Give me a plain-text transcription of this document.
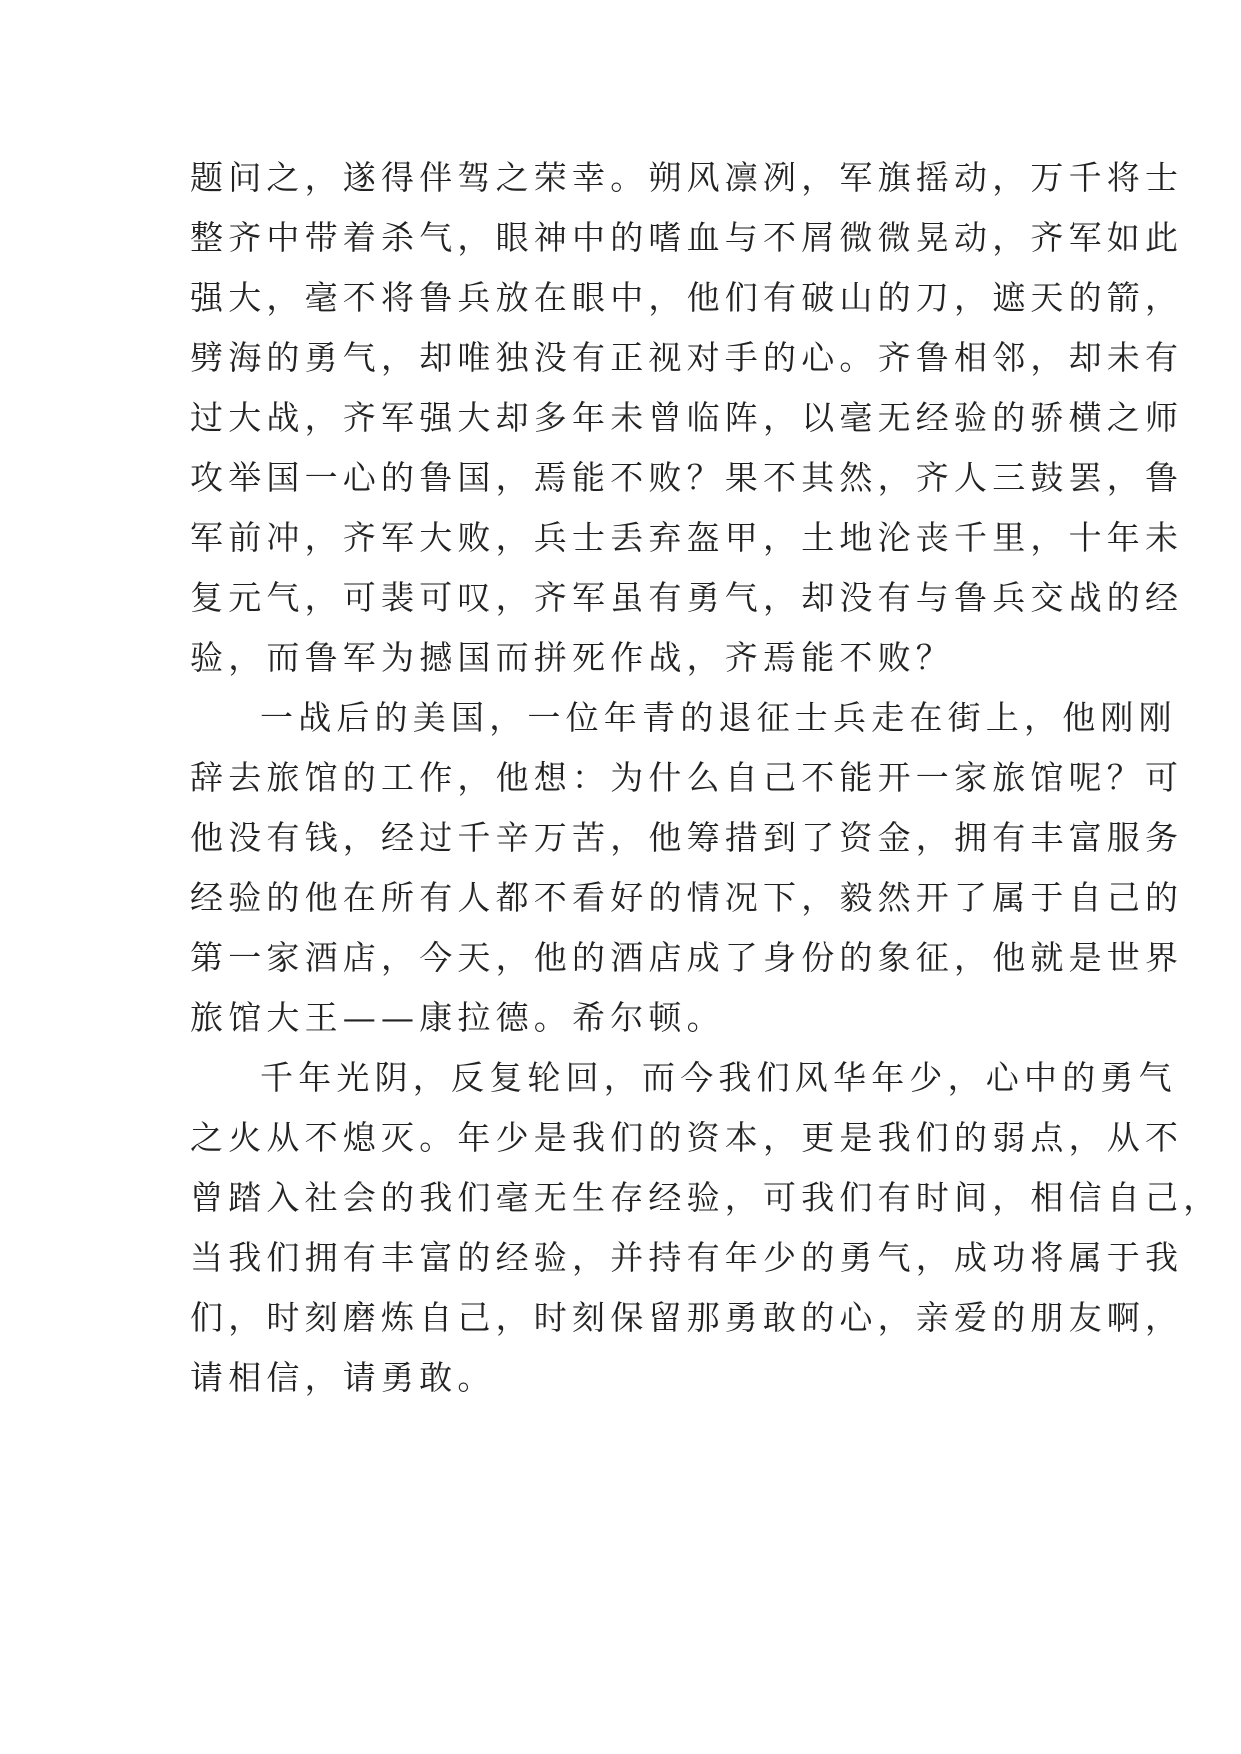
题问之，遂得伴驾之荣幸。朔风凛冽，军旗摇动，万千将士
整齐中带着杀气，眼神中的嗜血与不屑微微晃动，齐军如此
强大，毫不将鲁兵放在眼中，他们有破山的刀，遮天的箭，
劈海的勇气，却唯独没有正视对手的心。齐鲁相邻，却未有
过大战，齐军强大却多年未曾临阵，以毫无经验的骄横之师
攻举国一心的鲁国，焉能不败？果不其然，齐人三鼓罢，鲁
军前冲，齐军大败，兵士丢弃盔甲，土地沦丧千里，十年未
复元气，可裴可叹，齐军虽有勇气，却没有与鲁兵交战的经
验，而鲁军为撼国而拼死作战，齐焉能不败？
一战后的美国，一位年青的退征士兵走在街上，他刚刚
辞去旅馆的工作，他想：为什么自己不能开一家旅馆呢？可
他没有钱，经过千辛万苦，他筹措到了资金，拥有丰富服务
经验的他在所有人都不看好的情况下，毅然开了属于自己的
第一家酒店，今天，他的酒店成了身份的象征，他就是世界
旅馆大王——康拉德。希尔顿。
千年光阴，反复轮回，而今我们风华年少，心中的勇气
之火从不熄灭。年少是我们的资本，更是我们的弱点，从不
曾踏入社会的我们毫无生存经验，可我们有时间，相信自己，
当我们拥有丰富的经验，并持有年少的勇气，成功将属于我
们，时刻磨炼自己，时刻保留那勇敢的心，亲爱的朋友啊，
请相信，请勇敢。
